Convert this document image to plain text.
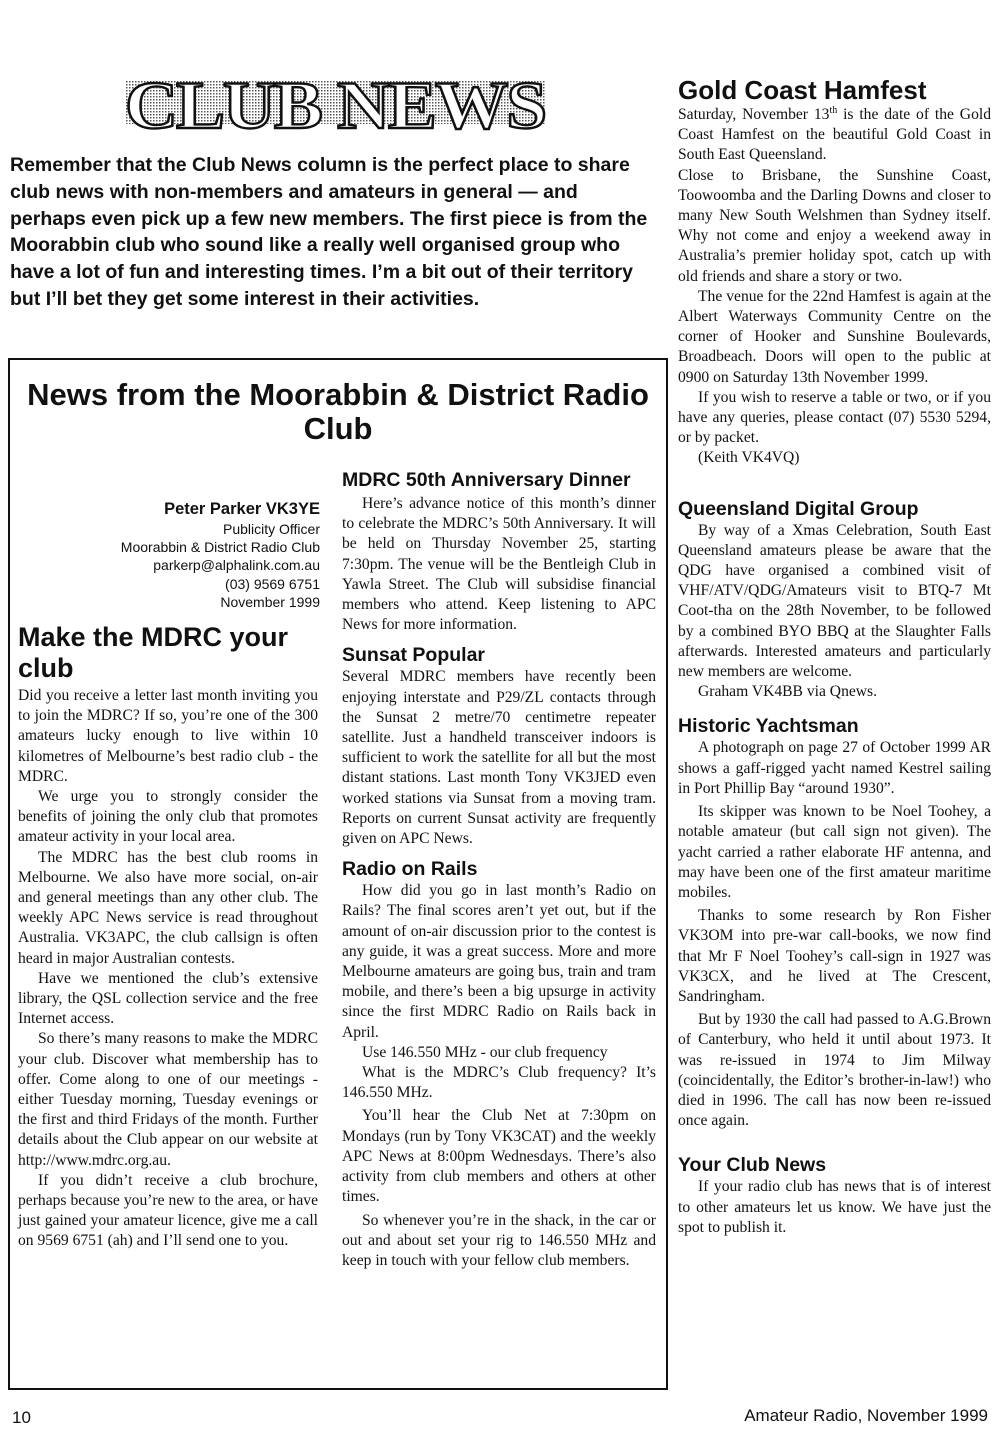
CLUB NEWS

Remember that the Club News column is the perfect place to share club news with non-members and amateurs in general — and perhaps even pick up a few new members. The first piece is from the Moorabbin club who sound like a really well organised group who have a lot of fun and interesting times. I’m a bit out of their territory but I’ll bet they get some interest in their activities.

News from the Moorabbin & District Radio Club
Peter Parker VK3YE
Publicity Officer
Moorabbin & District Radio Club
parkerp@alphalink.com.au
(03) 9569 6751
November 1999
Make the MDRC your club

Did you receive a letter last month inviting you to join the MDRC? If so, you’re one of the 300 amateurs lucky enough to live within 10 kilometres of Melbourne’s best radio club - the MDRC.

We urge you to strongly consider the benefits of joining the only club that promotes amateur activity in your local area.

The MDRC has the best club rooms in Melbourne. We also have more social, on-air and general meetings than any other club. The weekly APC News service is read throughout Australia. VK3APC, the club callsign is often heard in major Australian contests.

Have we mentioned the club’s extensive library, the QSL collection service and the free Internet access.

So there’s many reasons to make the MDRC your club. Discover what membership has to offer. Come along to one of our meetings -either Tuesday morning, Tuesday evenings or the first and third Fridays of the month. Further details about the Club appear on our website at http://www.mdrc.org.au.

If you didn’t receive a club brochure, perhaps because you’re new to the area, or have just gained your amateur licence, give me a call on 9569 6751 (ah) and I’ll send one to you.

MDRC 50th Anniversary Dinner

Here’s advance notice of this month’s dinner to celebrate the MDRC’s 50th Anniversary. It will be held on Thursday November 25, starting 7:30pm. The venue will be the Bentleigh Club in Yawla Street. The Club will subsidise financial members who attend. Keep listening to APC News for more information.

Sunsat Popular

Several MDRC members have recently been enjoying interstate and P29/ZL contacts through the Sunsat 2 metre/70 centimetre repeater satellite. Just a handheld transceiver indoors is sufficient to work the satellite for all but the most distant stations. Last month Tony VK3JED even worked stations via Sunsat from a moving tram. Reports on current Sunsat activity are frequently given on APC News.

Radio on Rails

How did you go in last month’s Radio on Rails? The final scores aren’t yet out, but if the amount of on-air discussion prior to the contest is any guide, it was a great success. More and more Melbourne amateurs are going bus, train and tram mobile, and there’s been a big upsurge in activity since the first MDRC Radio on Rails back in April.

Use 146.550 MHz - our club frequency

What is the MDRC’s Club frequency? It’s 146.550 MHz.

You’ll hear the Club Net at 7:30pm on Mondays (run by Tony VK3CAT) and the weekly APC News at 8:00pm Wednesdays. There’s also activity from club members and others at other times.

So whenever you’re in the shack, in the car or out and about set your rig to 146.550 MHz and keep in touch with your fellow club members.

Gold Coast Hamfest

Saturday, November 13th is the date of the Gold Coast Hamfest on the beautiful Gold Coast in South East Queensland.

Close to Brisbane, the Sunshine Coast, Toowoomba and the Darling Downs and closer to many New South Welshmen than Sydney itself. Why not come and enjoy a weekend away in Australia’s premier holiday spot, catch up with old friends and share a story or two.

The venue for the 22nd Hamfest is again at the Albert Waterways Community Centre on the corner of Hooker and Sunshine Boulevards, Broadbeach. Doors will open to the public at 0900 on Saturday 13th November 1999.

If you wish to reserve a table or two, or if you have any queries, please contact (07) 5530 5294, or by packet.

(Keith VK4VQ)

Queensland Digital Group

By way of a Xmas Celebration, South East Queensland amateurs please be aware that the QDG have organised a combined visit of VHF/ATV/QDG/Amateurs visit to BTQ-7 Mt Coot-tha on the 28th November, to be followed by a combined BYO BBQ at the Slaughter Falls afterwards. Interested amateurs and particularly new members are welcome.

Graham VK4BB via Qnews.

Historic Yachtsman

A photograph on page 27 of October 1999 AR shows a gaff-rigged yacht named Kestrel sailing in Port Phillip Bay “around 1930”.

Its skipper was known to be Noel Toohey, a notable amateur (but call sign not given). The yacht carried a rather elaborate HF antenna, and may have been one of the first amateur maritime mobiles.

Thanks to some research by Ron Fisher VK3OM into pre-war call-books, we now find that Mr F Noel Toohey’s call-sign in 1927 was VK3CX, and he lived at The Crescent, Sandringham.

But by 1930 the call had passed to A.G.Brown of Canterbury, who held it until about 1973. It was re-issued in 1974 to Jim Milway (coincidentally, the Editor’s brother-in-law!) who died in 1996. The call has now been re-issued once again.

Your Club News

If your radio club has news that is of interest to other amateurs let us know. We have just the spot to publish it.

10	Amateur Radio, November 1999
